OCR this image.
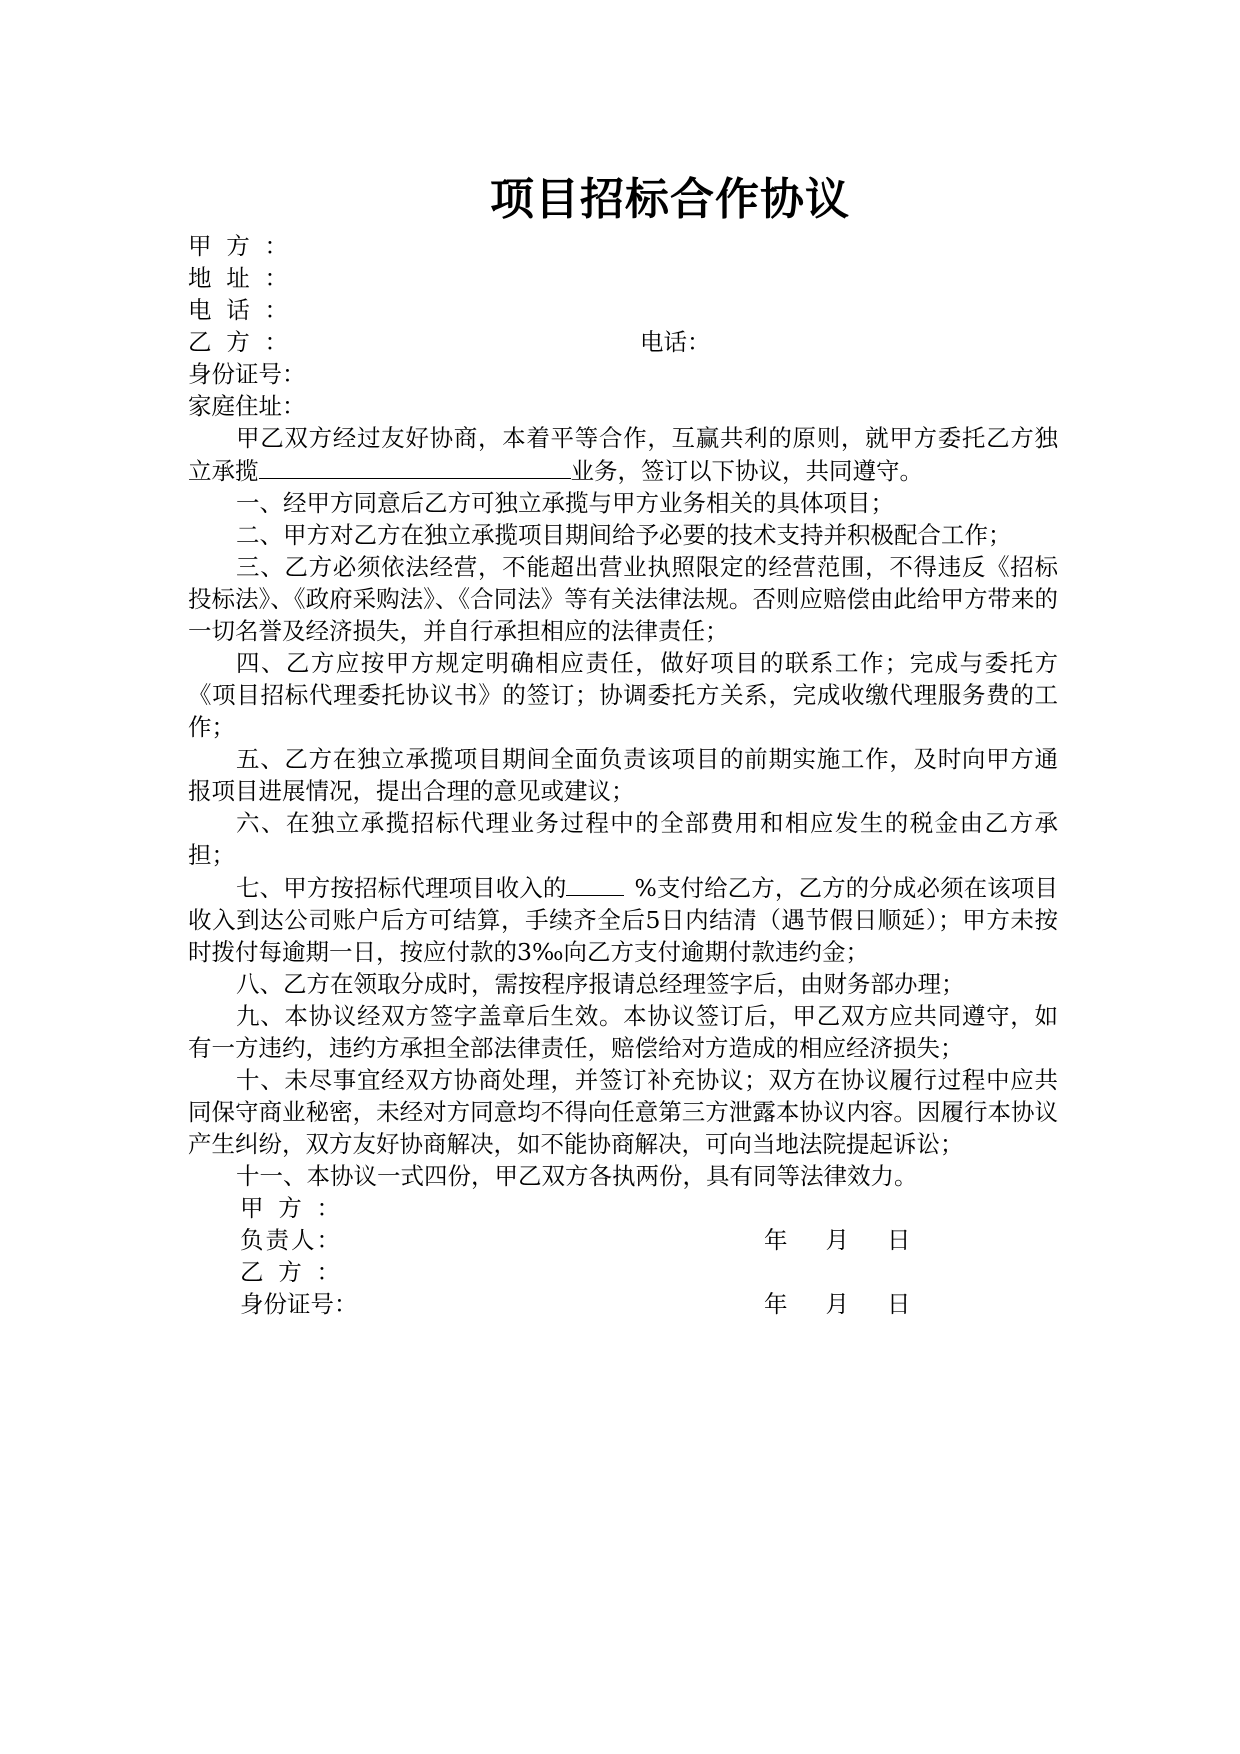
项目招标合作协议
甲方：
地址：
电话：
乙方：	电话：
身份证号：
家庭住址：
甲乙双方经过友好协商，本着平等合作，互赢共利的原则，就甲方委托乙方独立承揽	业务，签订以下协议，共同遵守。
一、经甲方同意后乙方可独立承揽与甲方业务相关的具体项目；
二、甲方对乙方在独立承揽项目期间给予必要的技术支持并积极配合工作；
三、乙方必须依法经营，不能超出营业执照限定的经营范围，不得违反《招标投标法》、《政府采购法》、《合同法》等有关法律法规。否则应赔偿由此给甲方带来的一切名誉及经济损失，并自行承担相应的法律责任；
四、乙方应按甲方规定明确相应责任，做好项目的联系工作；完成与委托方《项目招标代理委托协议书》的签订；协调委托方关系，完成收缴代理服务费的工作；
五、乙方在独立承揽项目期间全面负责该项目的前期实施工作，及时向甲方通报项目进展情况，提出合理的意见或建议；
六、在独立承揽招标代理业务过程中的全部费用和相应发生的税金由乙方承担；
七、甲方按招标代理项目收入的	%支付给乙方，乙方的分成必须在该项目收入到达公司账户后方可结算，手续齐全后5日内结清（遇节假日顺延）；甲方未按时拨付每逾期一日，按应付款的3‰向乙方支付逾期付款违约金；
八、乙方在领取分成时，需按程序报请总经理签字后，由财务部办理；
九、本协议经双方签字盖章后生效。本协议签订后，甲乙双方应共同遵守，如有一方违约，违约方承担全部法律责任，赔偿给对方造成的相应经济损失；
十、未尽事宜经双方协商处理，并签订补充协议；双方在协议履行过程中应共同保守商业秘密，未经对方同意均不得向任意第三方泄露本协议内容。因履行本协议产生纠纷，双方友好协商解决，如不能协商解决，可向当地法院提起诉讼；
十一、本协议一式四份，甲乙双方各执两份，具有同等法律效力。
甲方：
负责人：	年 月 日
乙方：
身份证号：	年 月 日
